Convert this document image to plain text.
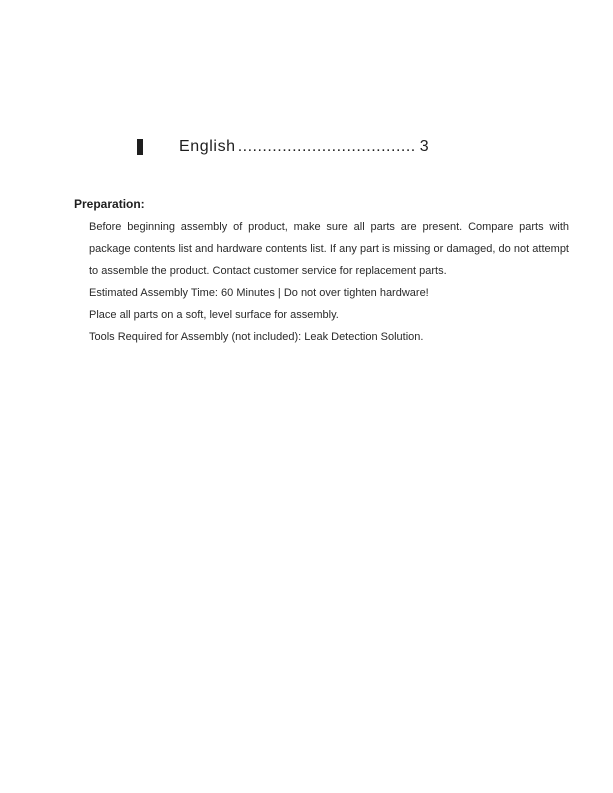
English .................................... 3
Preparation:

Before beginning assembly of product, make sure all parts are present. Compare parts with package contents list and hardware contents list. If any part is missing or damaged, do not attempt to assemble the product. Contact customer service for replacement parts.

Estimated Assembly Time: 60 Minutes | Do not over tighten hardware!
Place all parts on a soft, level surface for assembly.
Tools Required for Assembly (not included): Leak Detection Solution.
